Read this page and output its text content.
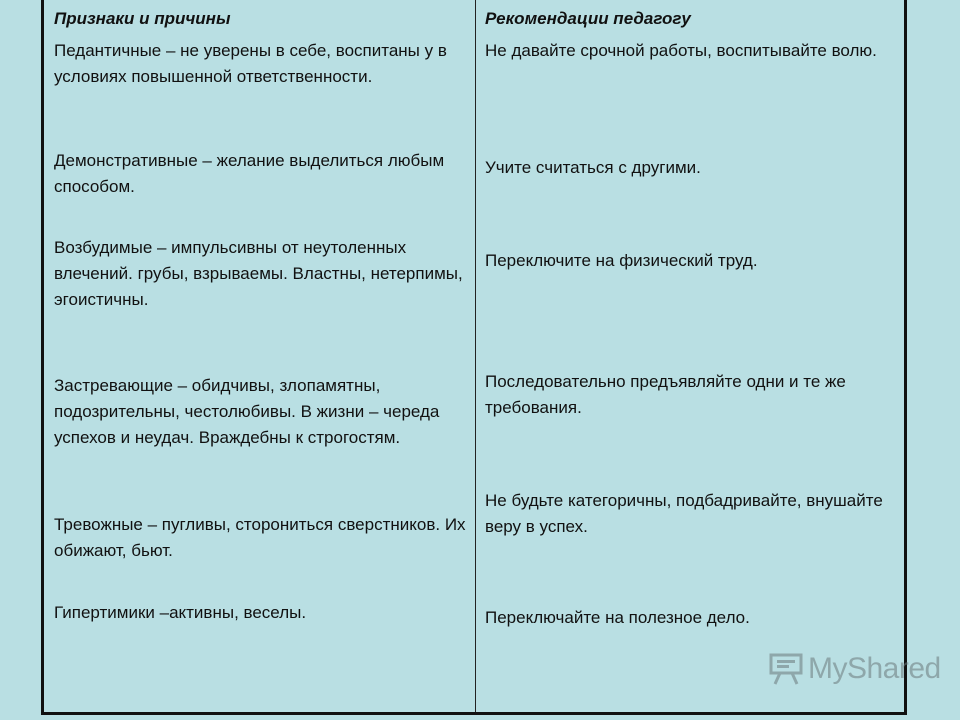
Признаки и причины
Педантичные – не уверены в себе, воспитаны у в условиях повышенной ответственности.
Демонстративные – желание выделиться любым способом.
Возбудимые – импульсивны от неутоленных влечений. грубы, взрываемы. Властны, нетерпимы, эгоистичны.
Застревающие – обидчивы, злопамятны, подозрительны, честолюбивы. В жизни – череда успехов и неудач. Враждебны к строгостям.
Тревожные – пугливы, сторониться сверстников. Их обижают, бьют.
Гипертимики –активны, веселы.
Рекомендации педагогу
Не давайте срочной работы, воспитывайте волю.
Учите считаться с другими.
Переключите на физический труд.
Последовательно предъявляйте одни и те же требования.
Не будьте категоричны, подбадривайте, внушайте веру в успех.
Переключайте на полезное дело.
MyShared
